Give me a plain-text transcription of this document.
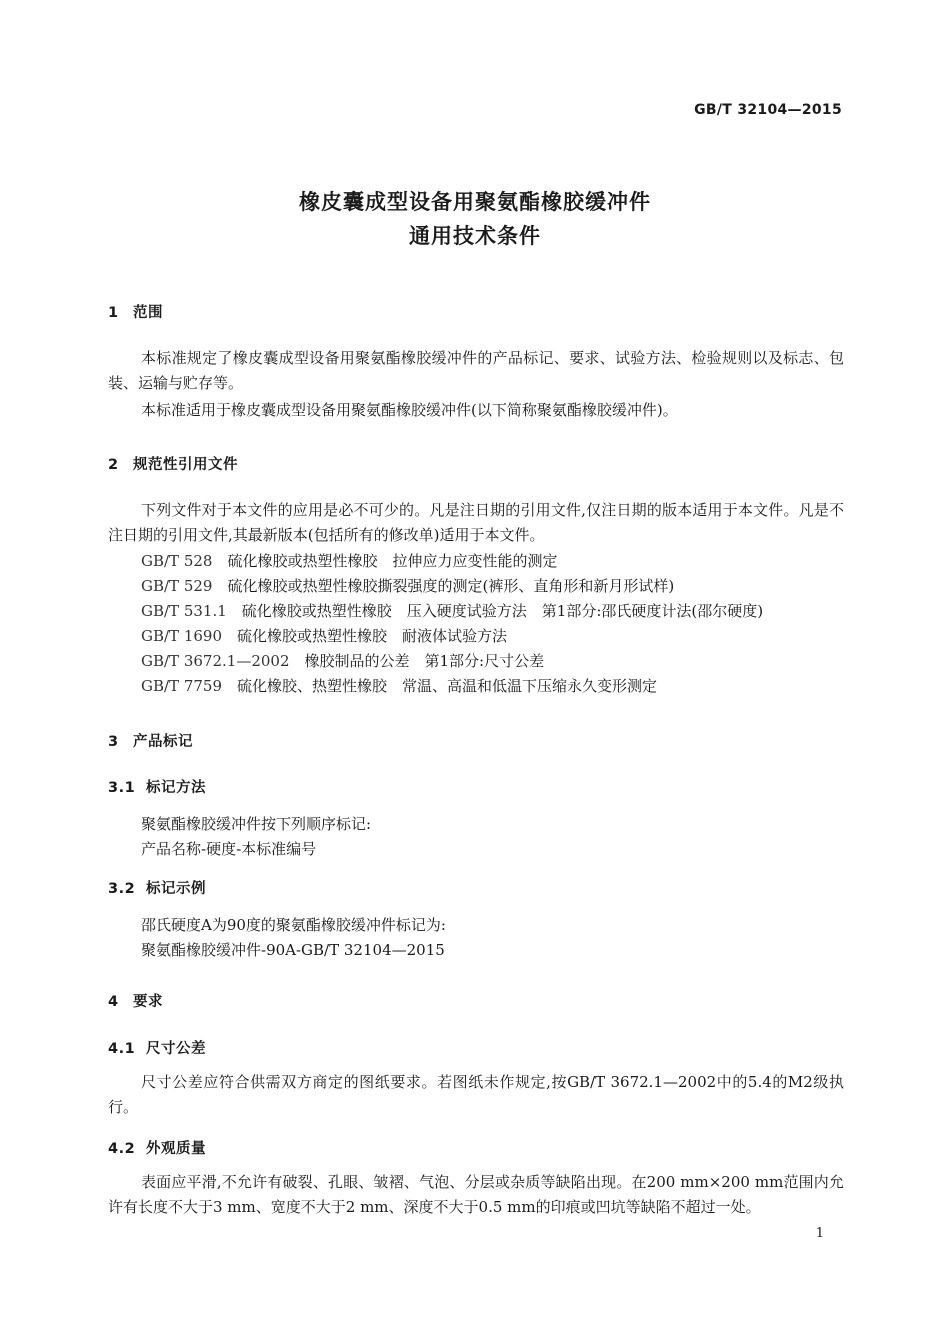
GB/T 32104—2015
橡皮囊成型设备用聚氨酯橡胶缓冲件
通用技术条件
1 范围
本标准规定了橡皮囊成型设备用聚氨酯橡胶缓冲件的产品标记、要求、试验方法、检验规则以及标志、包装、运输与贮存等。
本标准适用于橡皮囊成型设备用聚氨酯橡胶缓冲件(以下简称聚氨酯橡胶缓冲件)。
2 规范性引用文件
下列文件对于本文件的应用是必不可少的。凡是注日期的引用文件,仅注日期的版本适用于本文件。凡是不注日期的引用文件,其最新版本(包括所有的修改单)适用于本文件。
GB/T 528　 硫化橡胶或热塑性橡胶　拉伸应力应变性能的测定
GB/T 529　 硫化橡胶或热塑性橡胶撕裂强度的测定(裤形、直角形和新月形试样)
GB/T 531.1　 硫化橡胶或热塑性橡胶　压入硬度试验方法　第1部分:邵氏硬度计法(邵尔硬度)
GB/T 1690　 硫化橡胶或热塑性橡胶　耐液体试验方法
GB/T 3672.1—2002　 橡胶制品的公差　第1部分:尺寸公差
GB/T 7759　 硫化橡胶、热塑性橡胶　常温、高温和低温下压缩永久变形测定
3 产品标记
3.1 标记方法
聚氨酯橡胶缓冲件按下列顺序标记:
产品名称-硬度-本标准编号
3.2 标记示例
邵氏硬度A为90度的聚氨酯橡胶缓冲件标记为:
聚氨酯橡胶缓冲件-90A-GB/T 32104—2015
4 要求
4.1 尺寸公差
尺寸公差应符合供需双方商定的图纸要求。若图纸未作规定,按GB/T 3672.1—2002中的5.4的M2级执行。
4.2 外观质量
表面应平滑,不允许有破裂、孔眼、皱褶、气泡、分层或杂质等缺陷出现。在200 mm×200 mm范围内允许有长度不大于3 mm、宽度不大于2 mm、深度不大于0.5 mm的印痕或凹坑等缺陷不超过一处。
1
